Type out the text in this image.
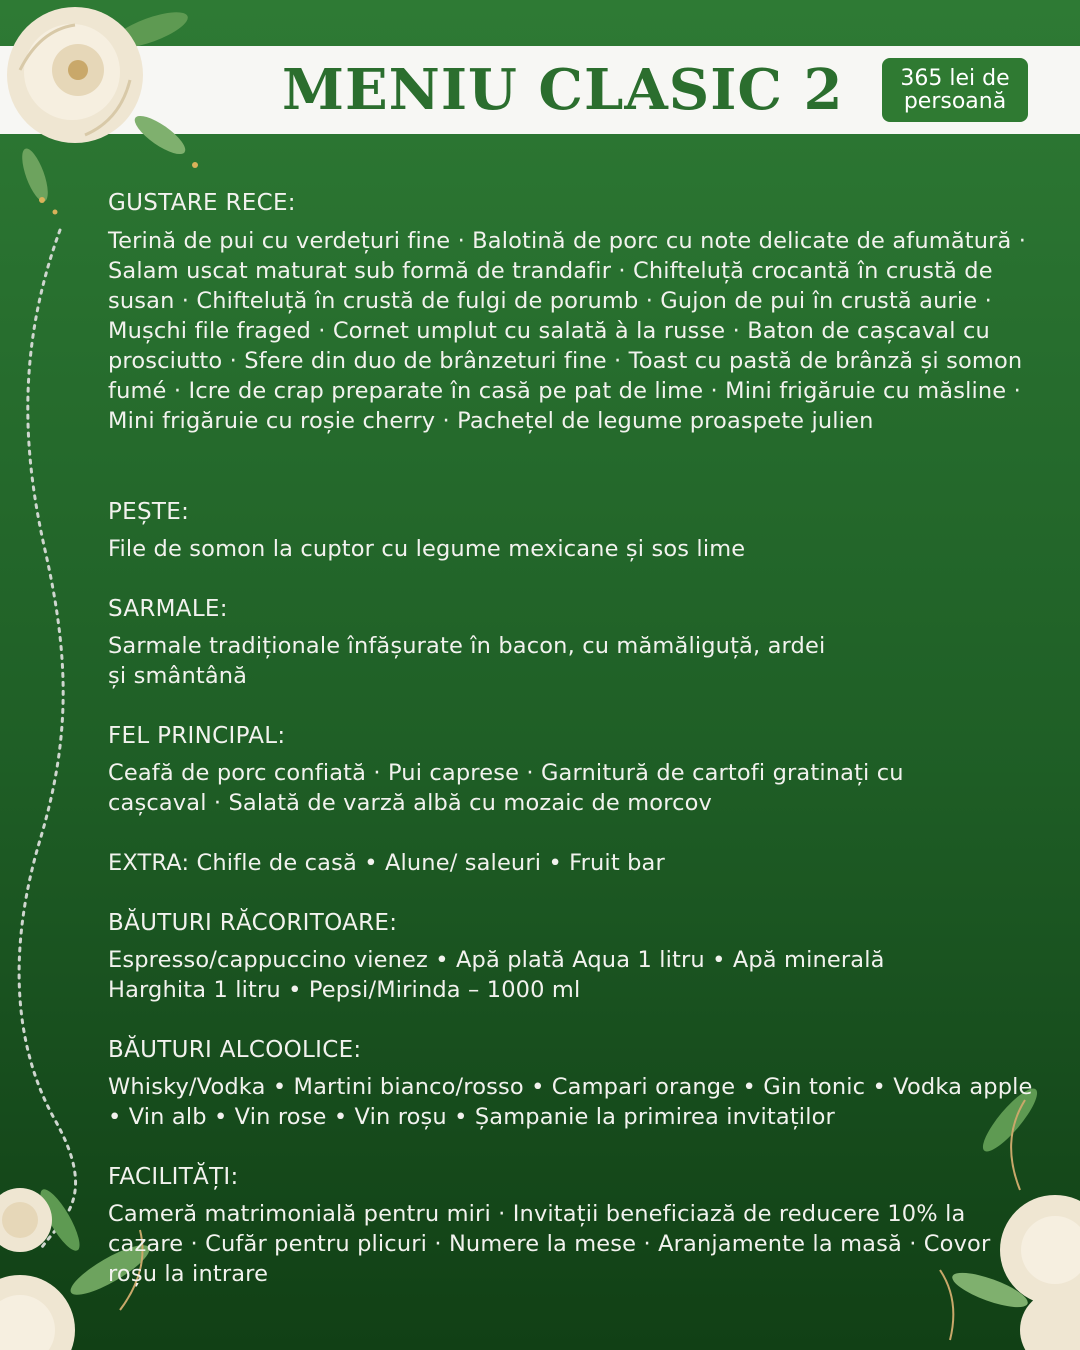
MENIU CLASIC 2	365 lei de
persoană
GUSTARE RECE:
Terină de pui cu verdețuri fine · Balotină de porc cu note delicate de afumătură · Salam uscat maturat sub formă de trandafir · Chifteluță crocantă în crustă de susan · Chifteluță în crustă de fulgi de porumb · Gujon de pui în crustă aurie · Mușchi file fraged · Cornet umplut cu salată à la russe · Baton de cașcaval cu prosciutto · Sfere din duo de brânzeturi fine · Toast cu pastă de brânză și somon fumé · Icre de crap preparate în casă pe pat de lime · Mini frigăruie cu măsline · Mini frigăruie cu roșie cherry · Pachețel de legume proaspete julien
PEȘTE:
File de somon la cuptor cu legume mexicane și sos lime
SARMALE:
Sarmale tradiționale înfășurate în bacon, cu mămăliguță, ardei și smântână
FEL PRINCIPAL:
Ceafă de porc confiată · Pui caprese · Garnitură de cartofi gratinați cu cașcaval · Salată de varză albă cu mozaic de morcov
EXTRA: Chifle de casă • Alune/ saleuri • Fruit bar
BĂUTURI RĂCORITOARE:
Espresso/cappuccino vienez • Apă plată Aqua 1 litru • Apă minerală Harghita 1 litru • Pepsi/Mirinda – 1000 ml
BĂUTURI ALCOOLICE:
Whisky/Vodka • Martini bianco/rosso • Campari orange • Gin tonic • Vodka apple • Vin alb • Vin rose • Vin roșu • Șampanie la primirea invitaților
FACILITĂȚI:
Cameră matrimonială pentru miri · Invitații beneficiază de reducere 10% la cazare · Cufăr pentru plicuri · Numere la mese · Aranjamente la masă · Covor roșu la intrare
